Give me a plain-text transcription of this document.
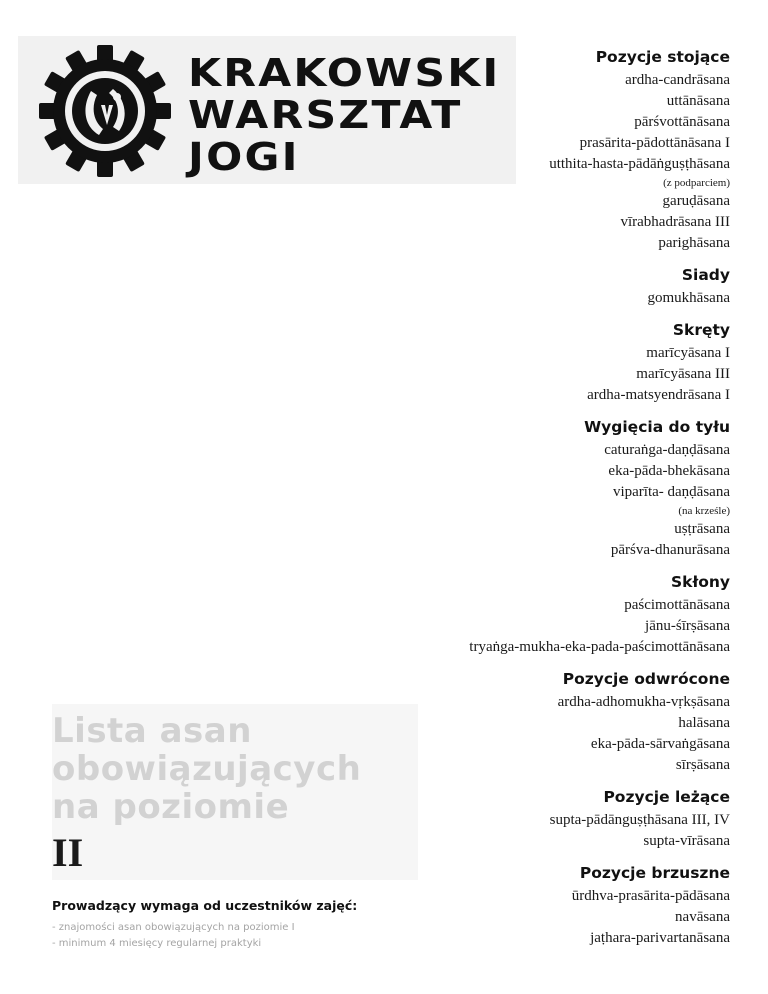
KRAKOWSKI
WARSZTAT
JOGI
Pozycje stojące
ardha-candrāsana
uttānāsana
pārśvottānāsana
prasārita-pādottānāsana I
utthita-hasta-pādāṅguṣṭhāsana
(z podparciem)
garuḍāsana
vīrabhadrāsana III
parighāsana
Siady
gomukhāsana
Skręty
marīcyāsana I
marīcyāsana III
ardha-matsyendrāsana I
Wygięcia do tyłu
caturaṅga-daṇḍāsana
eka-pāda-bhekāsana
viparīta- daṇḍāsana
(na krześle)
uṣṭrāsana
pārśva-dhanurāsana
Skłony
paścimottānāsana
jānu-śīrṣāsana
tryaṅga-mukha-eka-pada-paścimottānāsana
Pozycje odwrócone
ardha-adhomukha-vṛkṣāsana
halāsana
eka-pāda-sārvaṅgāsana
sīrṣāsana
Pozycje leżące
supta-pādānguṣṭhāsana III, IV
supta-vīrāsana
Pozycje brzuszne
ūrdhva-prasārita-pādāsana
navāsana
jaṭhara-parivartanāsana
Lista asan
obowiązujących
na poziomie
II
Prowadzący wymaga od uczestników zajęć:
- znajomości asan obowiązujących na poziomie I
- minimum 4 miesięcy regularnej praktyki
